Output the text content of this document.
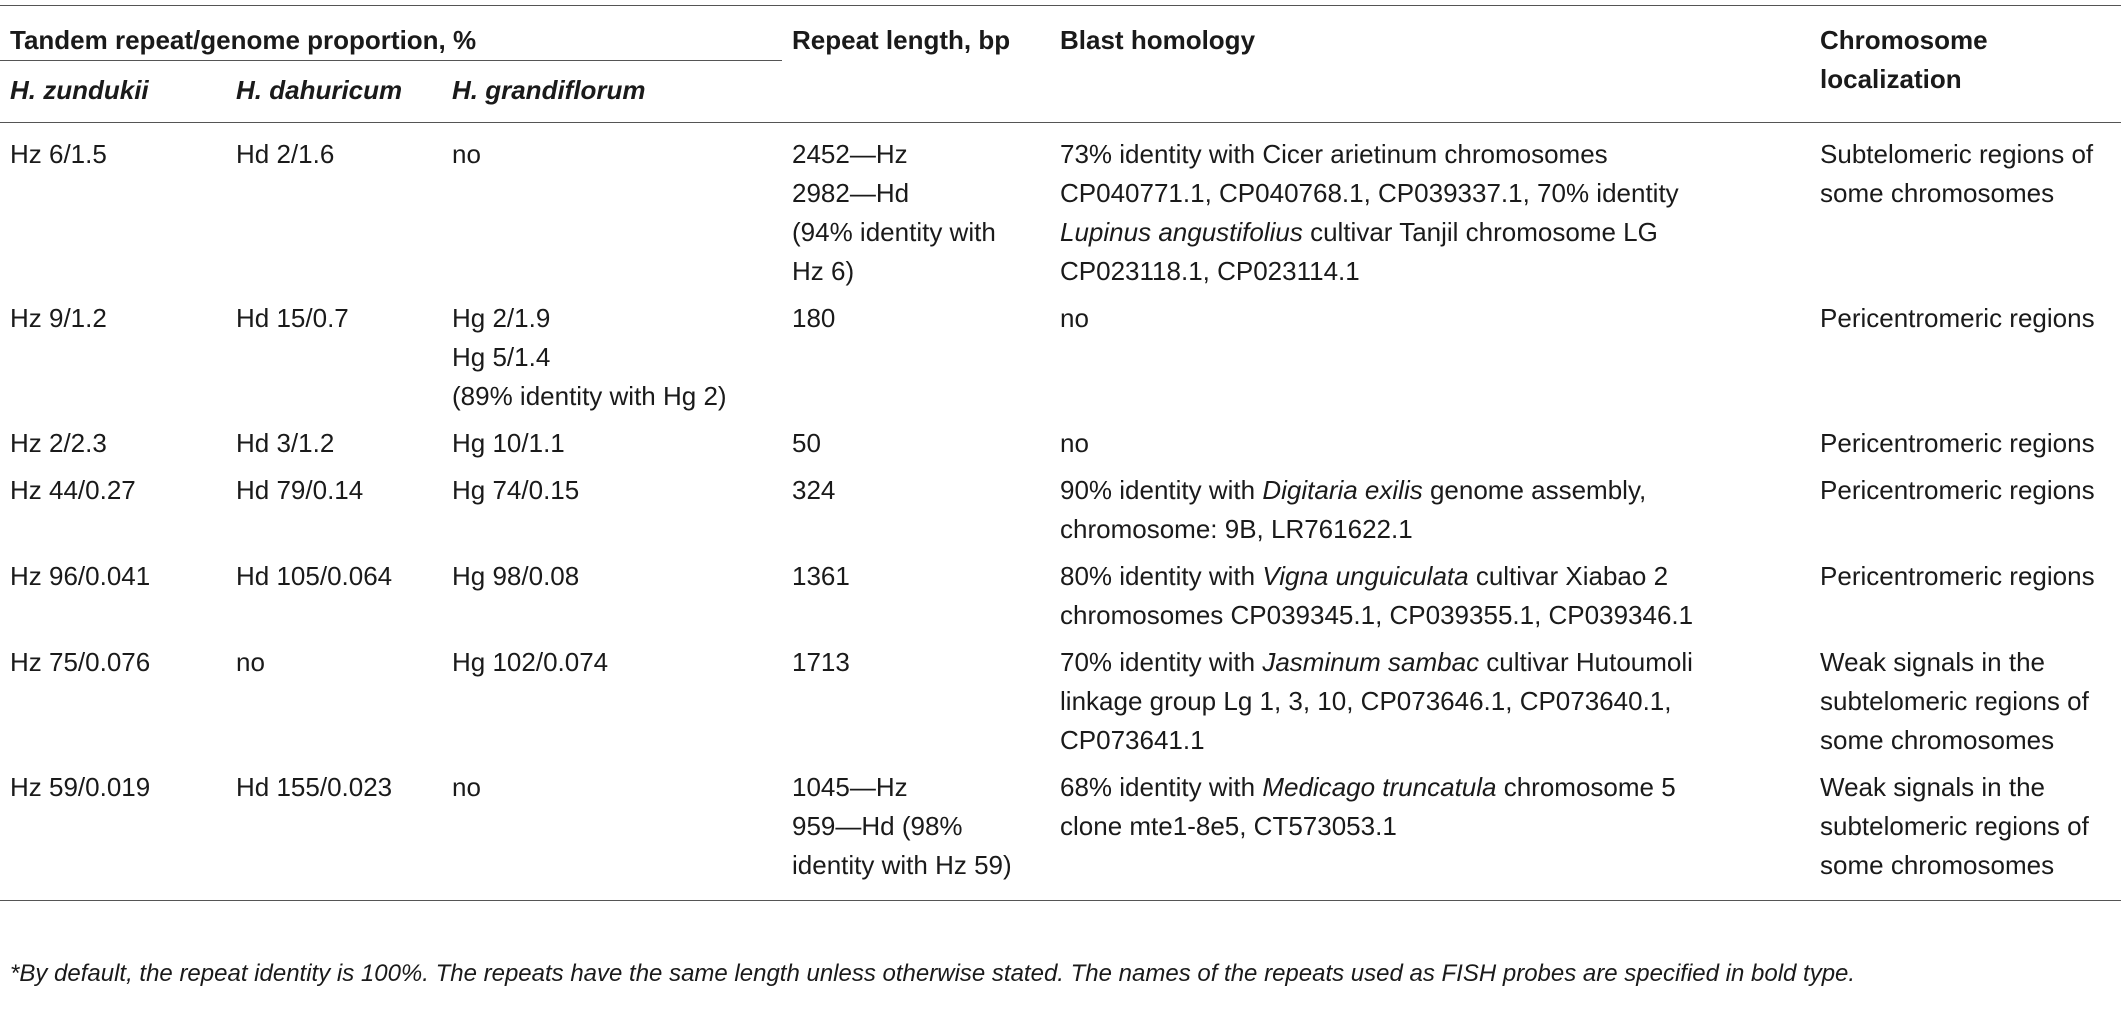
Tandem repeat/genome proportion, %			Repeat length, bp	Blast homology	Chromosome localization
H. zundukii	H. dahuricum	H. grandiflorum			
Hz 6/1.5	Hd 2/1.6	no	2452—Hz
2982—Hd
(94% identity with
Hz 6)	73% identity with Cicer arietinum chromosomes
CP040771.1, CP040768.1, CP039337.1, 70% identity
Lupinus angustifolius cultivar Tanjil chromosome LG
CP023118.1, CP023114.1	Subtelomeric regions of
some chromosomes

Hz 9/1.2	Hd 15/0.7	Hg 2/1.9
Hg 5/1.4
(89% identity with Hg 2)	180	no	Pericentromeric regions

Hz 2/2.3	Hd 3/1.2	Hg 10/1.1	50	no	Pericentromeric regions

Hz 44/0.27	Hd 79/0.14	Hg 74/0.15	324	90% identity with Digitaria exilis genome assembly,
chromosome: 9B, LR761622.1	Pericentromeric regions

Hz 96/0.041	Hd 105/0.064	Hg 98/0.08	1361	80% identity with Vigna unguiculata cultivar Xiabao 2
chromosomes CP039345.1, CP039355.1, CP039346.1	Pericentromeric regions

Hz 75/0.076	no	Hg 102/0.074	1713	70% identity with Jasminum sambac cultivar Hutoumoli
linkage group Lg 1, 3, 10, CP073646.1, CP073640.1,
CP073641.1	Weak signals in the
subtelomeric regions of
some chromosomes

Hz 59/0.019	Hd 155/0.023	no	1045—Hz
959—Hd (98%
identity with Hz 59)	68% identity with Medicago truncatula chromosome 5
clone mte1-8e5, CT573053.1	Weak signals in the
subtelomeric regions of
some chromosomes
*By default, the repeat identity is 100%. The repeats have the same length unless otherwise stated. The names of the repeats used as FISH probes are specified in bold type.
